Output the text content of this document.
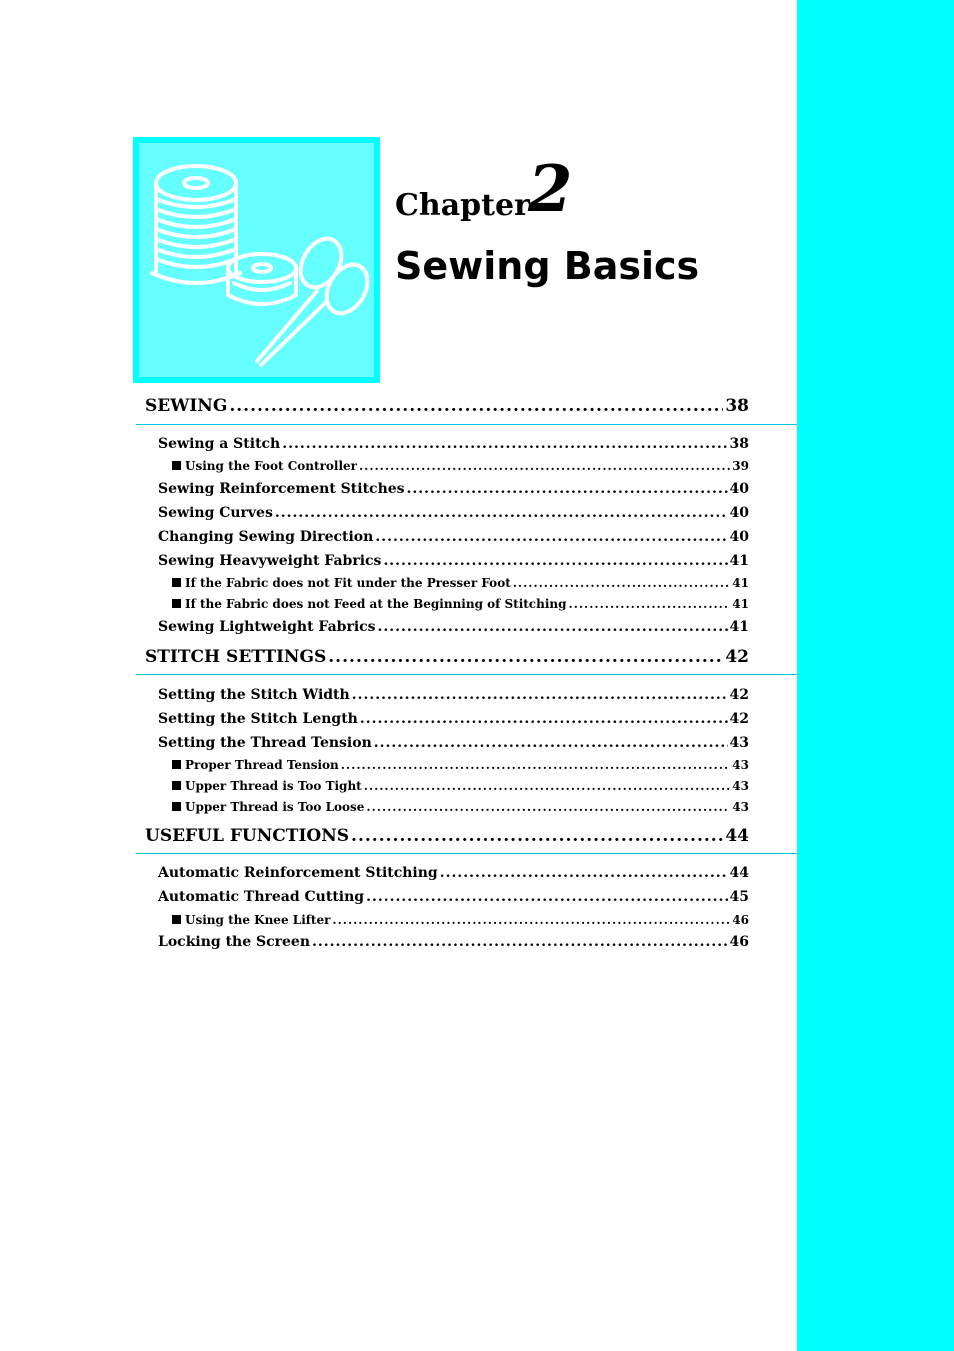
Chapter
2
Sewing Basics
SEWING .....	38
Sewing a Stitch .....	38
Using the Foot Controller .....	39
Sewing Reinforcement Stitches .....	40
Sewing Curves .....	40
Changing Sewing Direction .....	40
Sewing Heavyweight Fabrics .....	41
If the Fabric does not Fit under the Presser Foot .....	41
If the Fabric does not Feed at the Beginning of Stitching .....	41
Sewing Lightweight Fabrics .....	41
STITCH SETTINGS .....	42
Setting the Stitch Width .....	42
Setting the Stitch Length .....	42
Setting the Thread Tension .....	43
Proper Thread Tension .....	43
Upper Thread is Too Tight .....	43
Upper Thread is Too Loose .....	43
USEFUL FUNCTIONS .....	44
Automatic Reinforcement Stitching .....	44
Automatic Thread Cutting .....	45
Using the Knee Lifter .....	46
Locking the Screen .....	46
